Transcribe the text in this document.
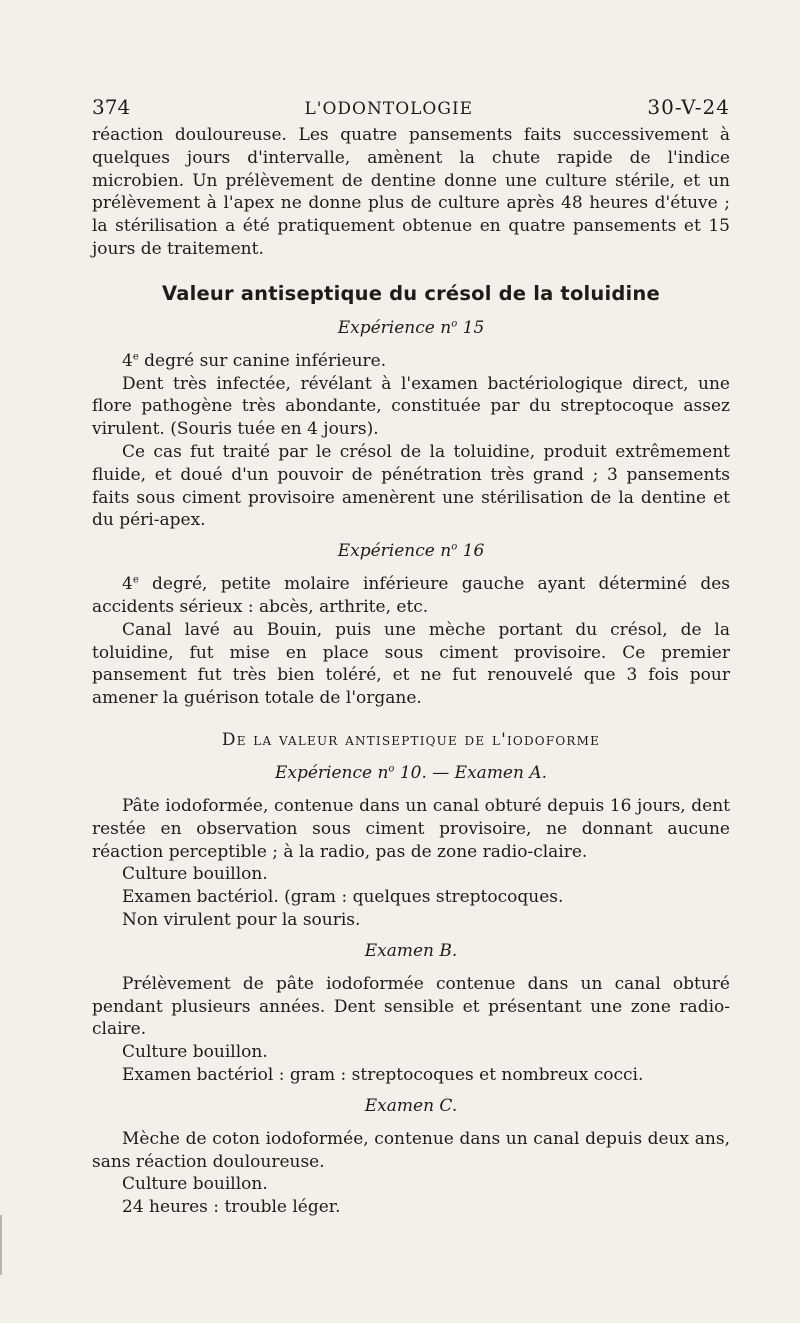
374	L'ODONTOLOGIE	30-V-24

réaction douloureuse. Les quatre pansements faits successivement à quelques jours d'intervalle, amènent la chute rapide de l'indice microbien. Un prélèvement de dentine donne une culture stérile, et un prélèvement à l'apex ne donne plus de culture après 48 heures d'étuve ; la stérilisation a été pratiquement obtenue en quatre pansements et 15 jours de traitement.

Valeur antiseptique du crésol de la toluidine
Expérience $n^o$ 15

4e degré sur canine inférieure.

Dent très infectée, révélant à l'examen bactériologique direct, une flore pathogène très abondante, constituée par du streptocoque assez virulent. (Souris tuée en 4 jours).

Ce cas fut traité par le crésol de la toluidine, produit extrêmement fluide, et doué d'un pouvoir de pénétration très grand ; 3 pansements faits sous ciment provisoire amenèrent une stérilisation de la dentine et du péri-apex.

Expérience $n^o$ 16

4e degré, petite molaire inférieure gauche ayant déterminé des accidents sérieux : abcès, arthrite, etc.

Canal lavé au Bouin, puis une mèche portant du crésol, de la toluidine, fut mise en place sous ciment provisoire. Ce premier pansement fut très bien toléré, et ne fut renouvelé que 3 fois pour amener la guérison totale de l'organe.

De la valeur antiseptique de l'iodoforme
Expérience $n^o$ 10. — Examen A.

Pâte iodoformée, contenue dans un canal obturé depuis 16 jours, dent restée en observation sous ciment provisoire, ne donnant aucune réaction perceptible ; à la radio, pas de zone radio-claire.

Culture bouillon.

Examen bactériol. (gram : quelques streptocoques.

Non virulent pour la souris.

Examen B.

Prélèvement de pâte iodoformée contenue dans un canal obturé pendant plusieurs années. Dent sensible et présentant une zone radio-claire.

Culture bouillon.

Examen bactériol : gram : streptocoques et nombreux cocci.

Examen C.

Mèche de coton iodoformée, contenue dans un canal depuis deux ans, sans réaction douloureuse.

Culture bouillon.

24 heures : trouble léger.
